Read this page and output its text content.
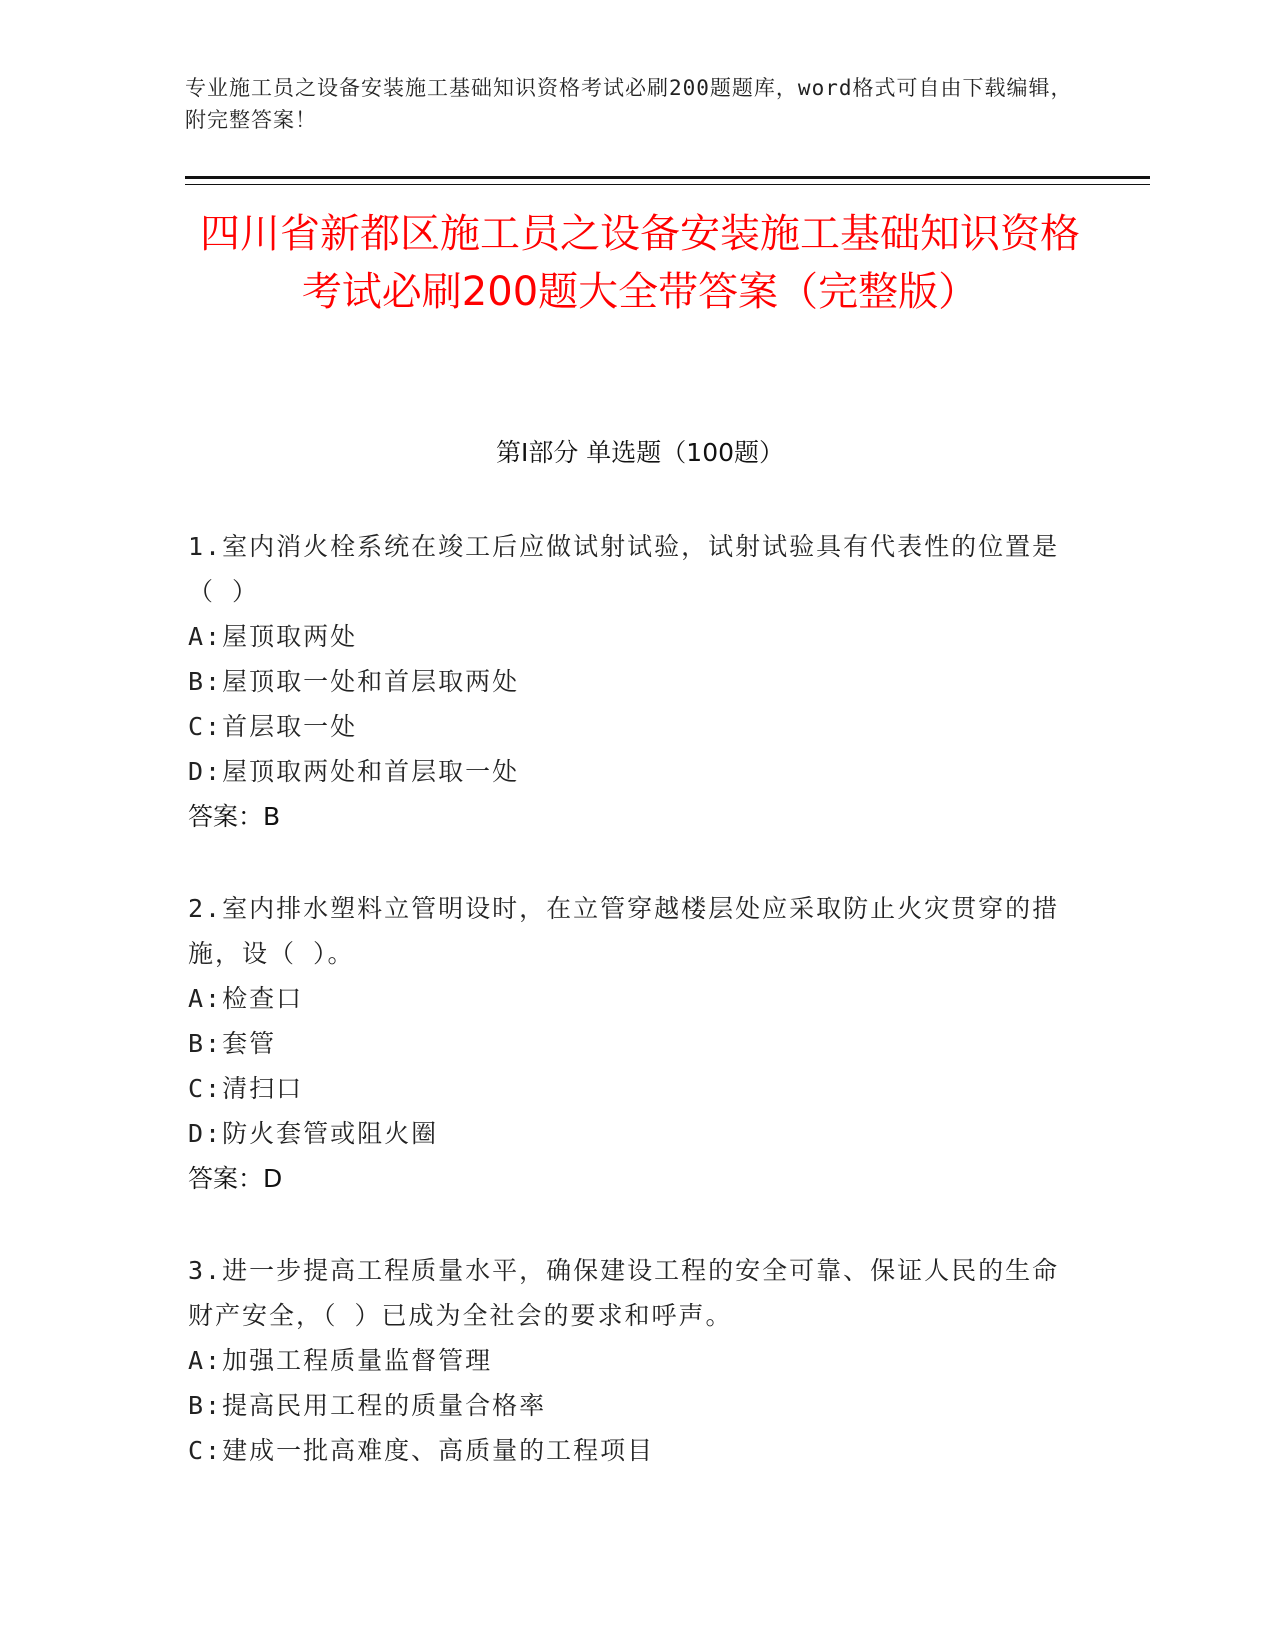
专业施工员之设备安装施工基础知识资格考试必刷200题题库，word格式可自由下载编辑，附完整答案！
四川省新都区施工员之设备安装施工基础知识资格考试必刷200题大全带答案（完整版）
第I部分 单选题（100题）
1.室内消火栓系统在竣工后应做试射试验，试射试验具有代表性的位置是（ ）
A:屋顶取两处
B:屋顶取一处和首层取两处
C:首层取一处
D:屋顶取两处和首层取一处
答案：B
2.室内排水塑料立管明设时，在立管穿越楼层处应采取防止火灾贯穿的措施，设（ ）。
A:检查口
B:套管
C:清扫口
D:防火套管或阻火圈
答案：D
3.进一步提高工程质量水平，确保建设工程的安全可靠、保证人民的生命财产安全，（ ）已成为全社会的要求和呼声。
A:加强工程质量监督管理
B:提高民用工程的质量合格率
C:建成一批高难度、高质量的工程项目
